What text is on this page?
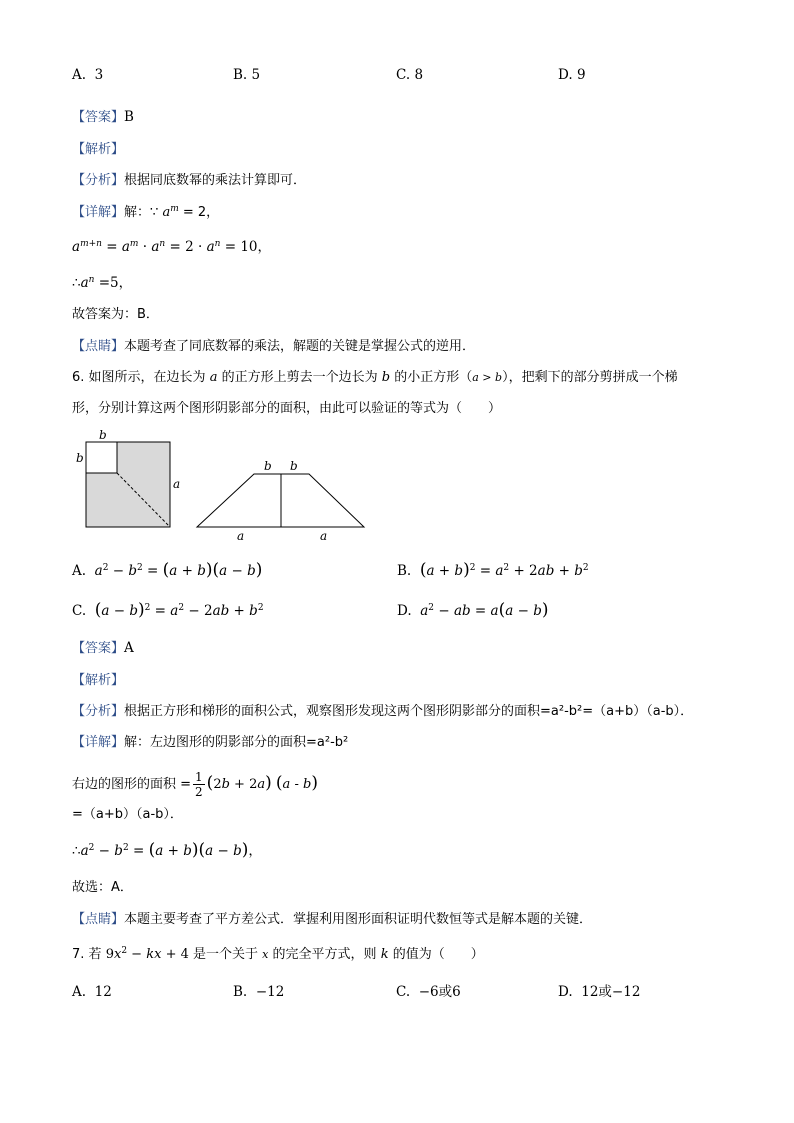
A. 3	B. 5	C. 8	D. 9
【答案】B
【解析】
【分析】根据同底数幂的乘法计算即可．
【详解】解：∵ $a^m = 2$，
$a^{m+n} = a^m \cdot a^n = 2 \cdot a^n = 10$，
$\therefore a^n =5$，
故答案为：B．
【点睛】本题考查了同底数幂的乘法，解题的关键是掌握公式的逆用．
6. 如图所示，在边长为 a 的正方形上剪去一个边长为 b 的小正方形（a > b），把剩下的部分剪拼成一个梯
形，分别计算这两个图形阴影部分的面积，由此可以验证的等式为（　　）
b
b
a
b b
a	a
A. $a^2 - b^2 = (a + b)(a - b)$	B. $(a + b)^2 = a^2 + 2ab + b^2$
C. $(a - b)^2 = a^2 - 2ab + b^2$	D. $a^2$ − ab = a(a − b)
【答案】A
【解析】
【分析】根据正方形和梯形的面积公式，观察图形发现这两个图形阴影部分的面积=a²-b²=（a+b）（a-b）．
【详解】解：左边图形的阴影部分的面积=a²-b²
右边的图形的面积 = $\frac{1}{2} (2b + 2a)$ (a - b)
=（a+b）（a-b）．
$\therefore a^2 - b^2 = (a + b)(a - b)$，
故选：A．
【点睛】本题主要考查了平方差公式．掌握利用图形面积证明代数恒等式是解本题的关键．
7. 若 $9x^2$ − kx + 4 是一个关于 x 的完全平方式，则 k 的值为（　　）
A. 12	B. −12	C. −6或6	D. 12或−12
